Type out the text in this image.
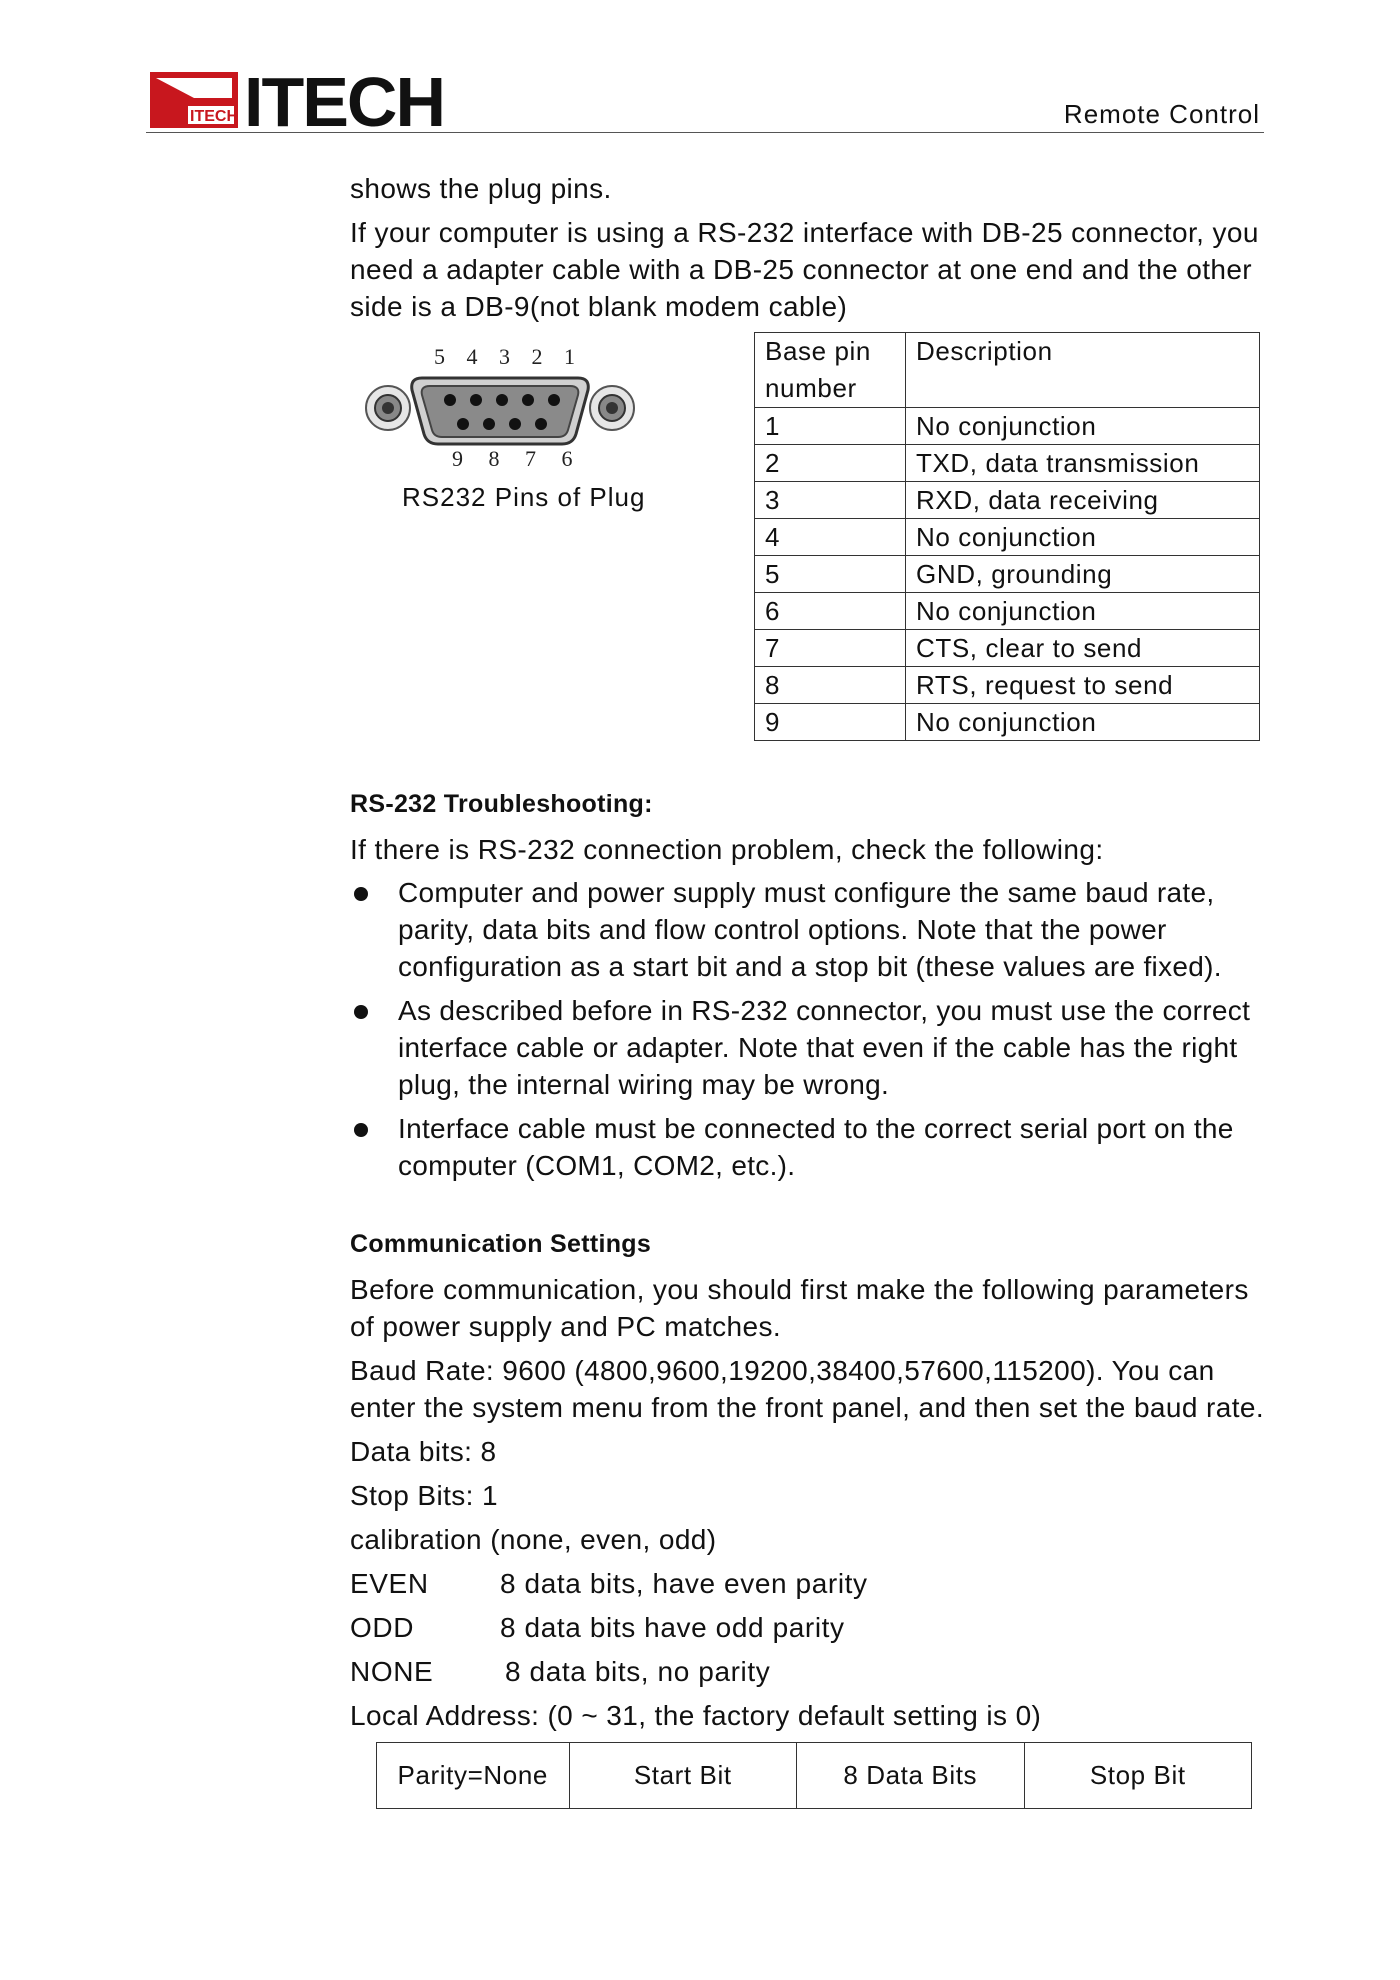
ITECH ITECH	Remote Control

shows the plug pins.

If your computer is using a RS-232 interface with DB-25 connector, you need a adapter cable with a DB-25 connector at one end and the other side is a DB-9(not blank modem cable)

5 4 3 2 1
9 8 7 6
RS232 Pins of Plug
Base pin number	Description
1	No conjunction
2	TXD, data transmission
3	RXD, data receiving
4	No conjunction
5	GND, grounding
6	No conjunction
7	CTS, clear to send
8	RTS, request to send
9	No conjunction
RS-232 Troubleshooting:

If there is RS-232 connection problem, check the following:

Computer and power supply must configure the same baud rate, parity, data bits and flow control options. Note that the power configuration as a start bit and a stop bit (these values are fixed).
As described before in RS-232 connector, you must use the correct interface cable or adapter. Note that even if the cable has the right plug, the internal wiring may be wrong.
Interface cable must be connected to the correct serial port on the computer (COM1, COM2, etc.).
Communication Settings

Before communication, you should first make the following parameters of power supply and PC matches.

Baud Rate: 9600 (4800,9600,19200,38400,57600,115200). You can enter the system menu from the front panel, and then set the baud rate.

Data bits: 8

Stop Bits: 1

calibration (none, even, odd)

EVEN	8 data bits, have even parity
ODD	8 data bits have odd parity
NONE	8 data bits, no parity

Local Address: (0 ~ 31, the factory default setting is 0)

Parity=None	Start Bit	8 Data Bits	Stop Bit
